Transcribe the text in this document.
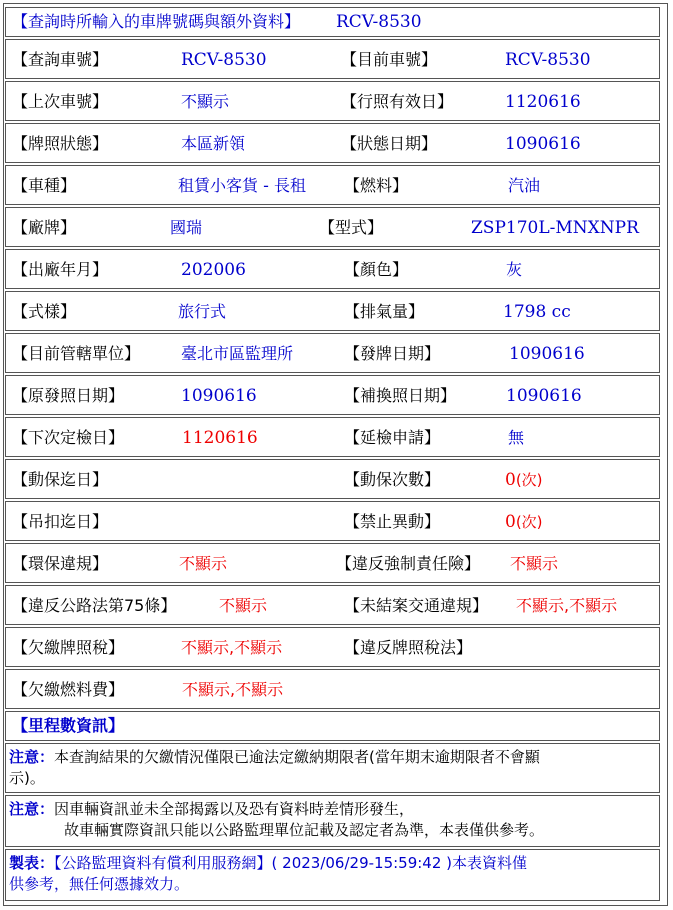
【查詢時所輸入的車牌號碼與額外資料】 RCV-8530
【查詢車號】	RCV-8530	【目前車號】	RCV-8530
【上次車號】	不顯示	【行照有效日】	1120616
【牌照狀態】	本區新領	【狀態日期】	1090616
【車種】	租賃小客貨 - 長租 【燃料】	汽油
【廠牌】	國瑞	【型式】	ZSP170L-MNXNPR
【出廠年月】	202006	【顏色】	灰
【式樣】	旅行式	【排氣量】	1798 cc
【目前管轄單位】	臺北市區監理所	【發牌日期】	1090616
【原發照日期】	1090616	【補換照日期】	1090616
【下次定檢日】	1120616	【延檢申請】	無
【動保迄日】	【動保次數】	0(次)
【吊扣迄日】	【禁止異動】	0(次)
【環保違規】	不顯示	【違反強制責任險】 不顯示
【違反公路法第75條】	不顯示	【未結案交通違規】 不顯示,不顯示
【欠繳牌照稅】	不顯示,不顯示	【違反牌照稅法】
【欠繳燃料費】	不顯示,不顯示
【里程數資訊】
注意：本查詢結果的欠繳情況僅限已逾法定繳納期限者(當年期末逾期限者不會顯
示)。
注意：因車輛資訊並未全部揭露以及恐有資料時差情形發生，
故車輛實際資訊只能以公路監理單位記載及認定者為準，本表僅供參考。
製表：【公路監理資料有償利用服務網】( 2023/06/29-15:59:42 )本表資料僅
供參考，無任何憑據效力。
